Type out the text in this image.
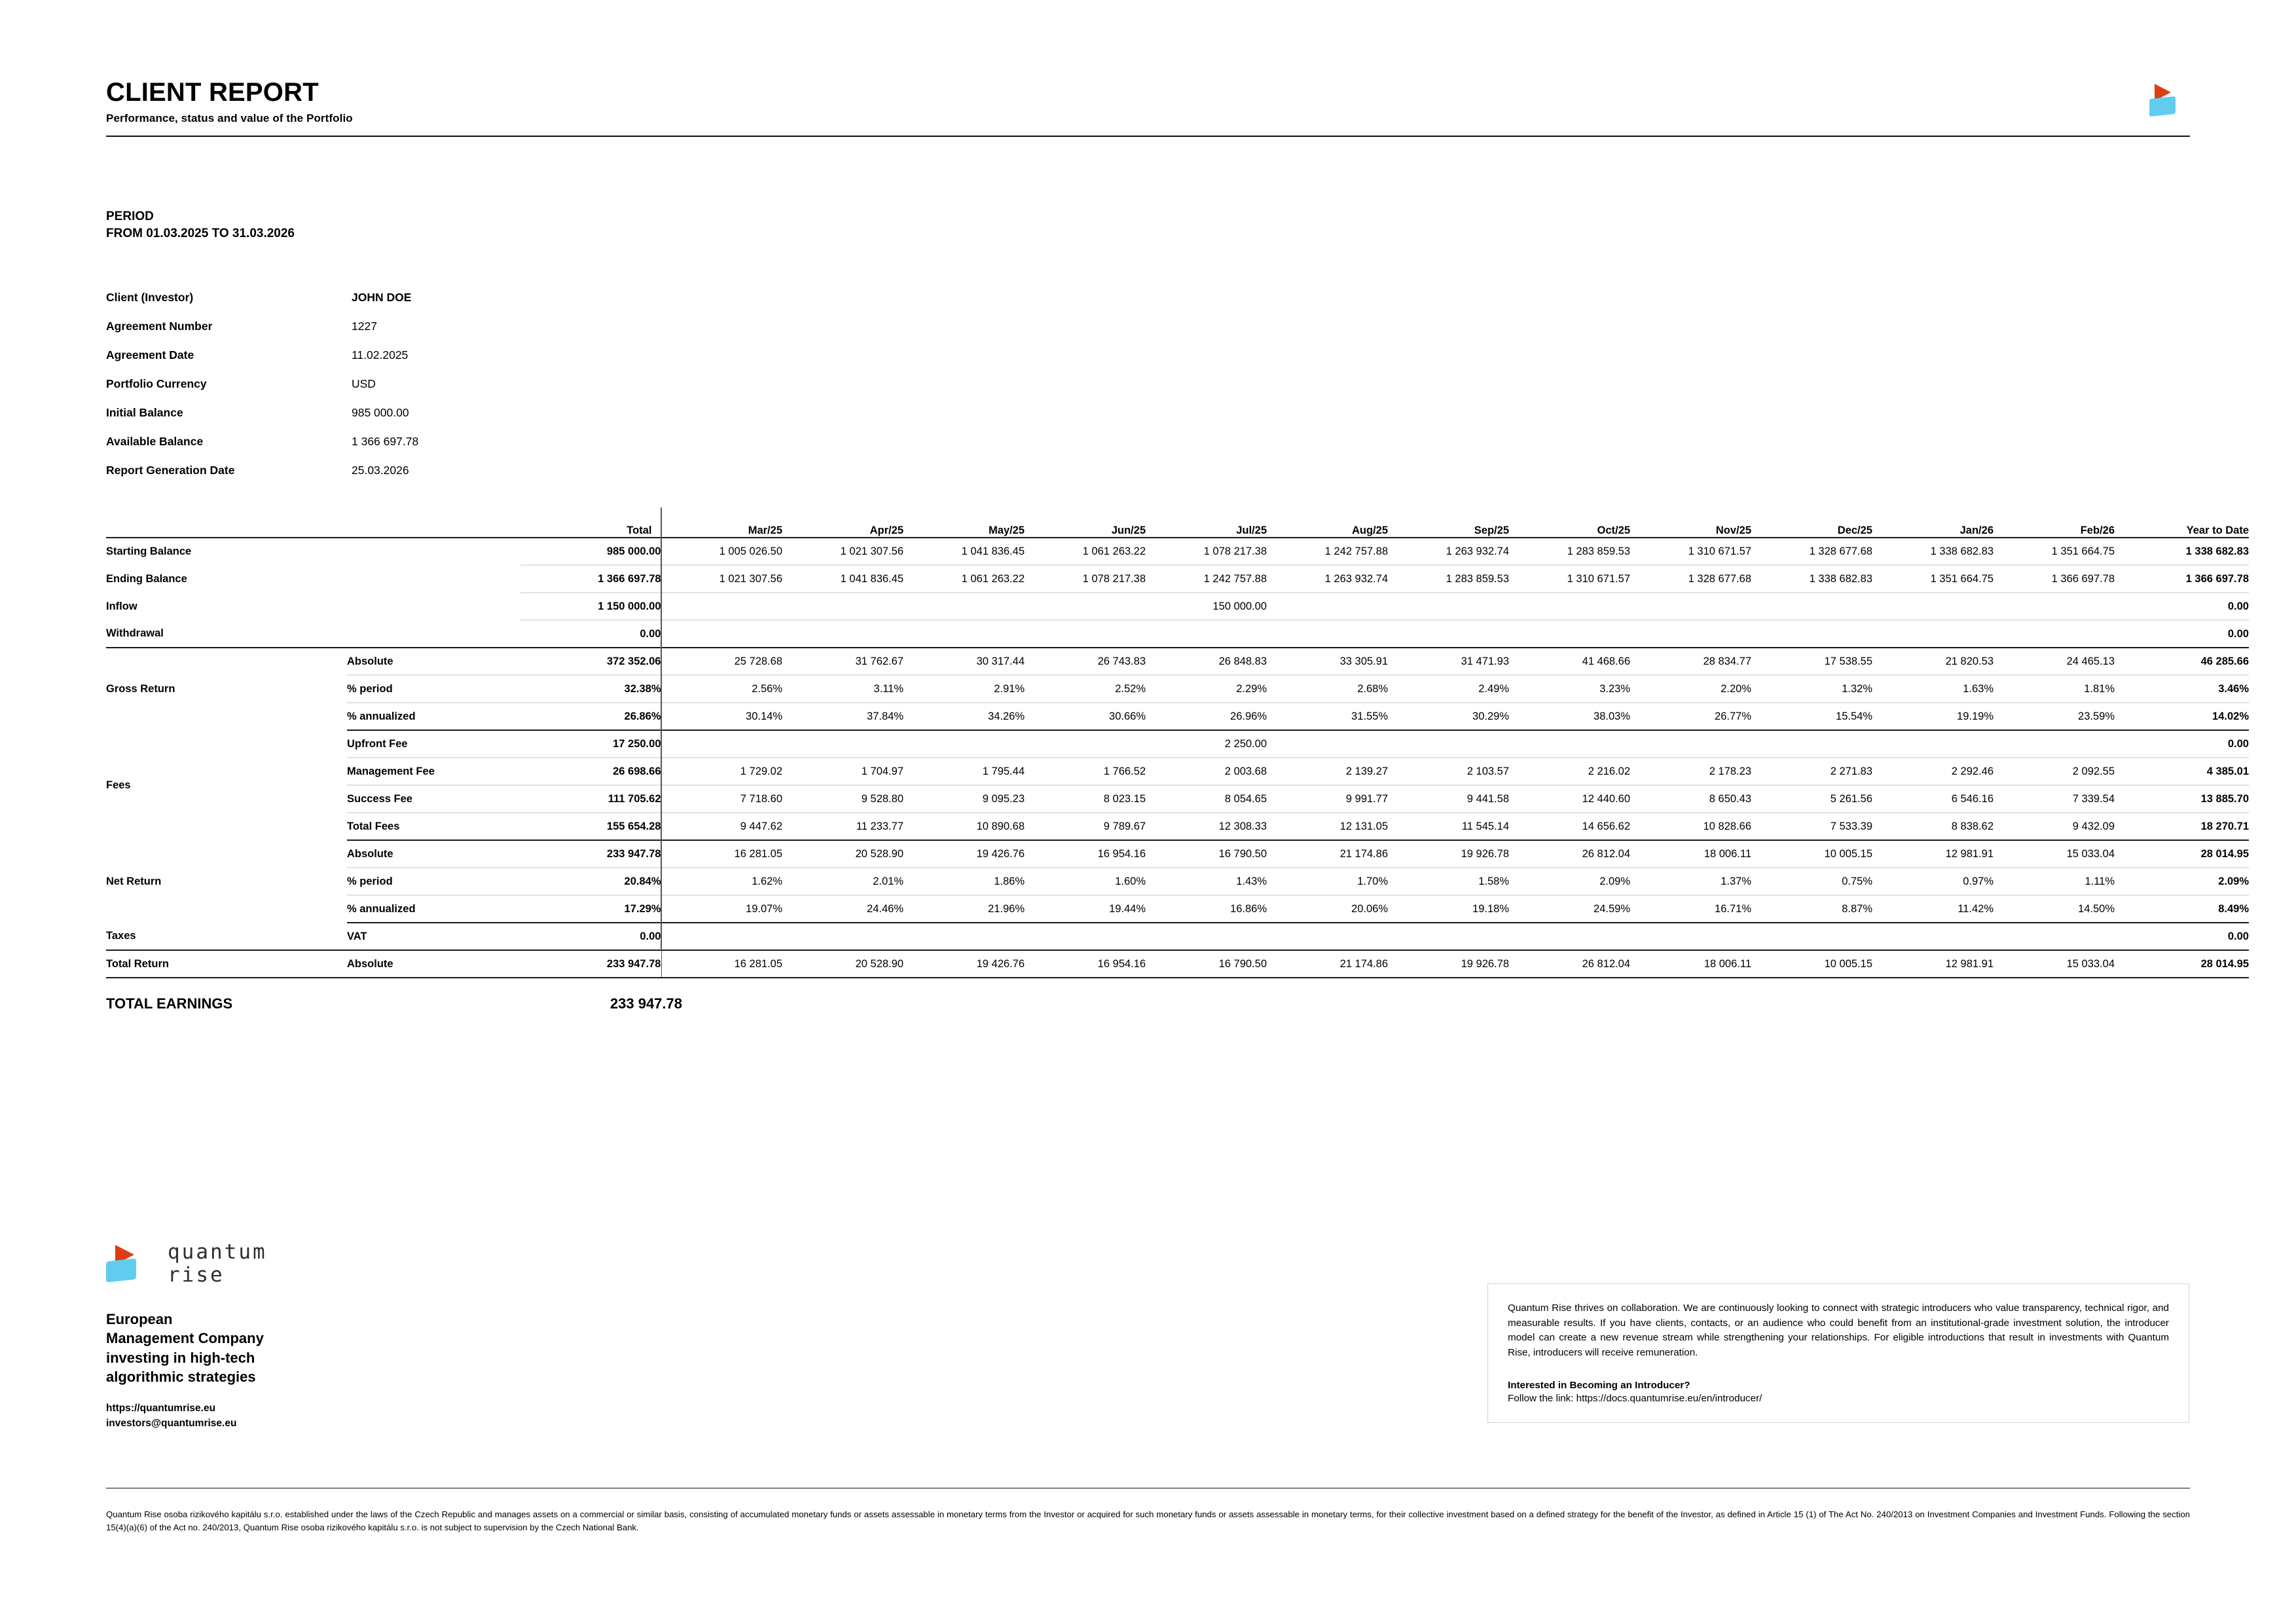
CLIENT REPORT
Performance, status and value of the Portfolio
PERIOD
FROM 01.03.2025 TO 31.03.2026
Client (Investor)	JOHN DOE
Agreement Number	1227
Agreement Date	11.02.2025
Portfolio Currency	USD
Initial Balance	985 000.00
Available Balance	1 366 697.78
Report Generation Date	25.03.2026
		Total	Mar/25	Apr/25	May/25	Jun/25	Jul/25	Aug/25	Sep/25	Oct/25	Nov/25	Dec/25	Jan/26	Feb/26	Year to Date
Starting Balance		985 000.00	1 005 026.50	1 021 307.56	1 041 836.45	1 061 263.22	1 078 217.38	1 242 757.88	1 263 932.74	1 283 859.53	1 310 671.57	1 328 677.68	1 338 682.83	1 351 664.75	1 338 682.83
Ending Balance		1 366 697.78	1 021 307.56	1 041 836.45	1 061 263.22	1 078 217.38	1 242 757.88	1 263 932.74	1 283 859.53	1 310 671.57	1 328 677.68	1 338 682.83	1 351 664.75	1 366 697.78	1 366 697.78
Inflow		1 150 000.00					150 000.00								0.00
Withdrawal		0.00													0.00
Gross Return	Absolute	372 352.06	25 728.68	31 762.67	30 317.44	26 743.83	26 848.83	33 305.91	31 471.93	41 468.66	28 834.77	17 538.55	21 820.53	24 465.13	46 285.66
	% period	32.38%	2.56%	3.11%	2.91%	2.52%	2.29%	2.68%	2.49%	3.23%	2.20%	1.32%	1.63%	1.81%	3.46%
	% annualized	26.86%	30.14%	37.84%	34.26%	30.66%	26.96%	31.55%	30.29%	38.03%	26.77%	15.54%	19.19%	23.59%	14.02%
Fees	Upfront Fee	17 250.00					2 250.00								0.00
	Management Fee	26 698.66	1 729.02	1 704.97	1 795.44	1 766.52	2 003.68	2 139.27	2 103.57	2 216.02	2 178.23	2 271.83	2 292.46	2 092.55	4 385.01
	Success Fee	111 705.62	7 718.60	9 528.80	9 095.23	8 023.15	8 054.65	9 991.77	9 441.58	12 440.60	8 650.43	5 261.56	6 546.16	7 339.54	13 885.70
	Total Fees	155 654.28	9 447.62	11 233.77	10 890.68	9 789.67	12 308.33	12 131.05	11 545.14	14 656.62	10 828.66	7 533.39	8 838.62	9 432.09	18 270.71
Net Return	Absolute	233 947.78	16 281.05	20 528.90	19 426.76	16 954.16	16 790.50	21 174.86	19 926.78	26 812.04	18 006.11	10 005.15	12 981.91	15 033.04	28 014.95
	% period	20.84%	1.62%	2.01%	1.86%	1.60%	1.43%	1.70%	1.58%	2.09%	1.37%	0.75%	0.97%	1.11%	2.09%
	% annualized	17.29%	19.07%	24.46%	21.96%	19.44%	16.86%	20.06%	19.18%	24.59%	16.71%	8.87%	11.42%	14.50%	8.49%
Taxes	VAT	0.00													0.00
Total Return	Absolute	233 947.78	16 281.05	20 528.90	19 426.76	16 954.16	16 790.50	21 174.86	19 926.78	26 812.04	18 006.11	10 005.15	12 981.91	15 033.04	28 014.95
TOTAL EARNINGS	233 947.78
quantum
rise
European
Management Company
investing in high-tech
algorithmic strategies
https://quantumrise.eu
investors@quantumrise.eu

Quantum Rise thrives on collaboration. We are continuously looking to connect with strategic introducers who value transparency, technical rigor, and measurable results. If you have clients, contacts, or an audience who could benefit from an institutional-grade investment solution, the introducer model can create a new revenue stream while strengthening your relationships. For eligible introductions that result in investments with Quantum Rise, introducers will receive remuneration.

Interested in Becoming an Introducer?
Follow the link: https://docs.quantumrise.eu/en/introducer/
Quantum Rise osoba rizikového kapitálu s.r.o. established under the laws of the Czech Republic and manages assets on a commercial or similar basis, consisting of accumulated monetary funds or assets assessable in monetary terms from the Investor or acquired for such monetary funds or assets assessable in monetary terms, for their collective investment based on a defined strategy for the benefit of the Investor, as defined in Article 15 (1) of The Act No. 240/2013 on Investment Companies and Investment Funds. Following the section 15(4)(a)(6) of the Act no. 240/2013, Quantum Rise osoba rizikového kapitálu s.r.o. is not subject to supervision by the Czech National Bank.
